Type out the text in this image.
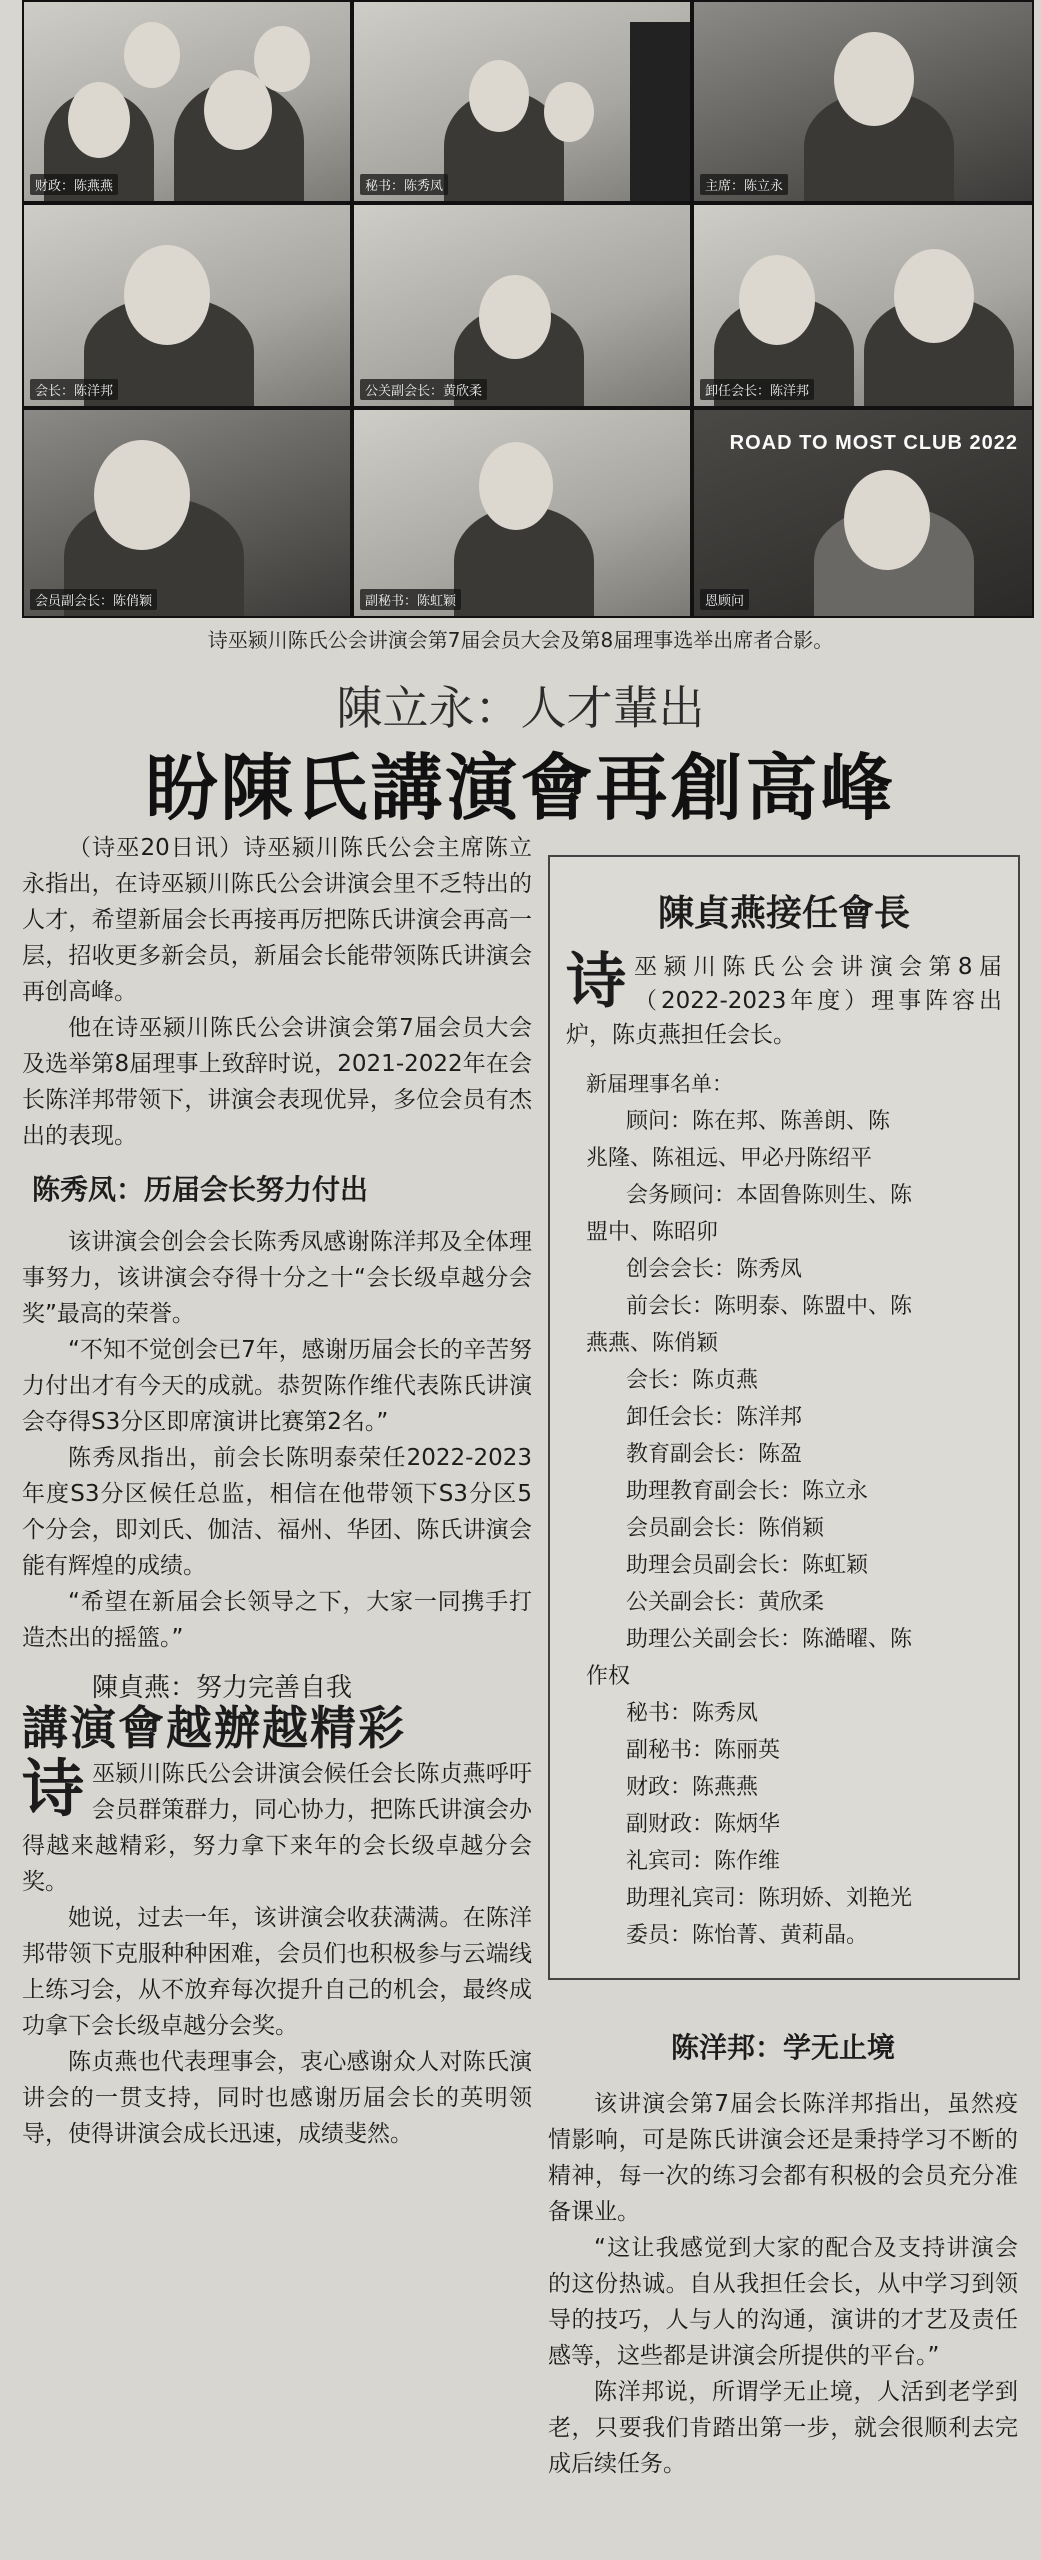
财政：陈燕燕	秘书：陈秀凤	主席：陈立永
会长：陈洋邦	公关副会长：黄欣柔	卸任会长：陈洋邦
会员副会长：陈俏颖	副秘书：陈虹颖
ROAD TO MOST CLUB 2022
恩顾问
诗巫颍川陈氏公会讲演会第7届会员大会及第8届理事选举出席者合影。
陳立永：人才輩出
盼陳氏講演會再創高峰

（诗巫20日讯）诗巫颍川陈氏公会主席陈立永指出，在诗巫颍川陈氏公会讲演会里不乏特出的人才，希望新届会长再接再厉把陈氏讲演会再高一层，招收更多新会员，新届会长能带领陈氏讲演会再创高峰。

他在诗巫颍川陈氏公会讲演会第7届会员大会及选举第8届理事上致辞时说，2021-2022年在会长陈洋邦带领下，讲演会表现优异，多位会员有杰出的表现。

陈秀凤：历届会长努力付出

该讲演会创会会长陈秀凤感谢陈洋邦及全体理事努力，该讲演会夺得十分之十“会长级卓越分会奖”最高的荣誉。

“不知不觉创会已7年，感谢历届会长的辛苦努力付出才有今天的成就。恭贺陈作维代表陈氏讲演会夺得S3分区即席演讲比赛第2名。”

陈秀凤指出，前会长陈明泰荣任2022-2023年度S3分区候任总监，相信在他带领下S3分区5个分会，即刘氏、伽洁、福州、华团、陈氏讲演会能有辉煌的成绩。

“希望在新届会长领导之下，大家一同携手打造杰出的摇篮。”

陳貞燕：努力完善自我
講演會越辦越精彩

诗巫颍川陈氏公会讲演会候任会长陈贞燕呼吁会员群策群力，同心协力，把陈氏讲演会办得越来越精彩，努力拿下来年的会长级卓越分会奖。

她说，过去一年，该讲演会收获满满。在陈洋邦带领下克服种种困难，会员们也积极参与云端线上练习会，从不放弃每次提升自己的机会，最终成功拿下会长级卓越分会奖。

陈贞燕也代表理事会，衷心感谢众人对陈氏演讲会的一贯支持，同时也感谢历届会长的英明领导，使得讲演会成长迅速，成绩斐然。

陳貞燕接任會長
诗巫颍川陈氏公会讲演会第8届（2022-2023年度）理事阵容出炉，陈贞燕担任会长。
新届理事名单：
顾问：陈在邦、陈善朗、陈
兆隆、陈祖远、甲必丹陈绍平
会务顾问：本固鲁陈则生、陈
盟中、陈昭卯
创会会长：陈秀凤
前会长：陈明泰、陈盟中、陈
燕燕、陈俏颖
会长：陈贞燕
卸任会长：陈洋邦
教育副会长：陈盈
助理教育副会长：陈立永
会员副会长：陈俏颖
助理会员副会长：陈虹颖
公关副会长：黄欣柔
助理公关副会长：陈澔曜、陈
作权
秘书：陈秀凤
副秘书：陈丽英
财政：陈燕燕
副财政：陈炳华
礼宾司：陈作维
助理礼宾司：陈玥娇、刘艳光
委员：陈怡菁、黄莉晶。
陈洋邦：学无止境

该讲演会第7届会长陈洋邦指出，虽然疫情影响，可是陈氏讲演会还是秉持学习不断的精神，每一次的练习会都有积极的会员充分准备课业。

“这让我感觉到大家的配合及支持讲演会的这份热诚。自从我担任会长，从中学习到领导的技巧，人与人的沟通，演讲的才艺及责任感等，这些都是讲演会所提供的平台。”

陈洋邦说，所谓学无止境，人活到老学到老，只要我们肯踏出第一步，就会很顺利去完成后续任务。
